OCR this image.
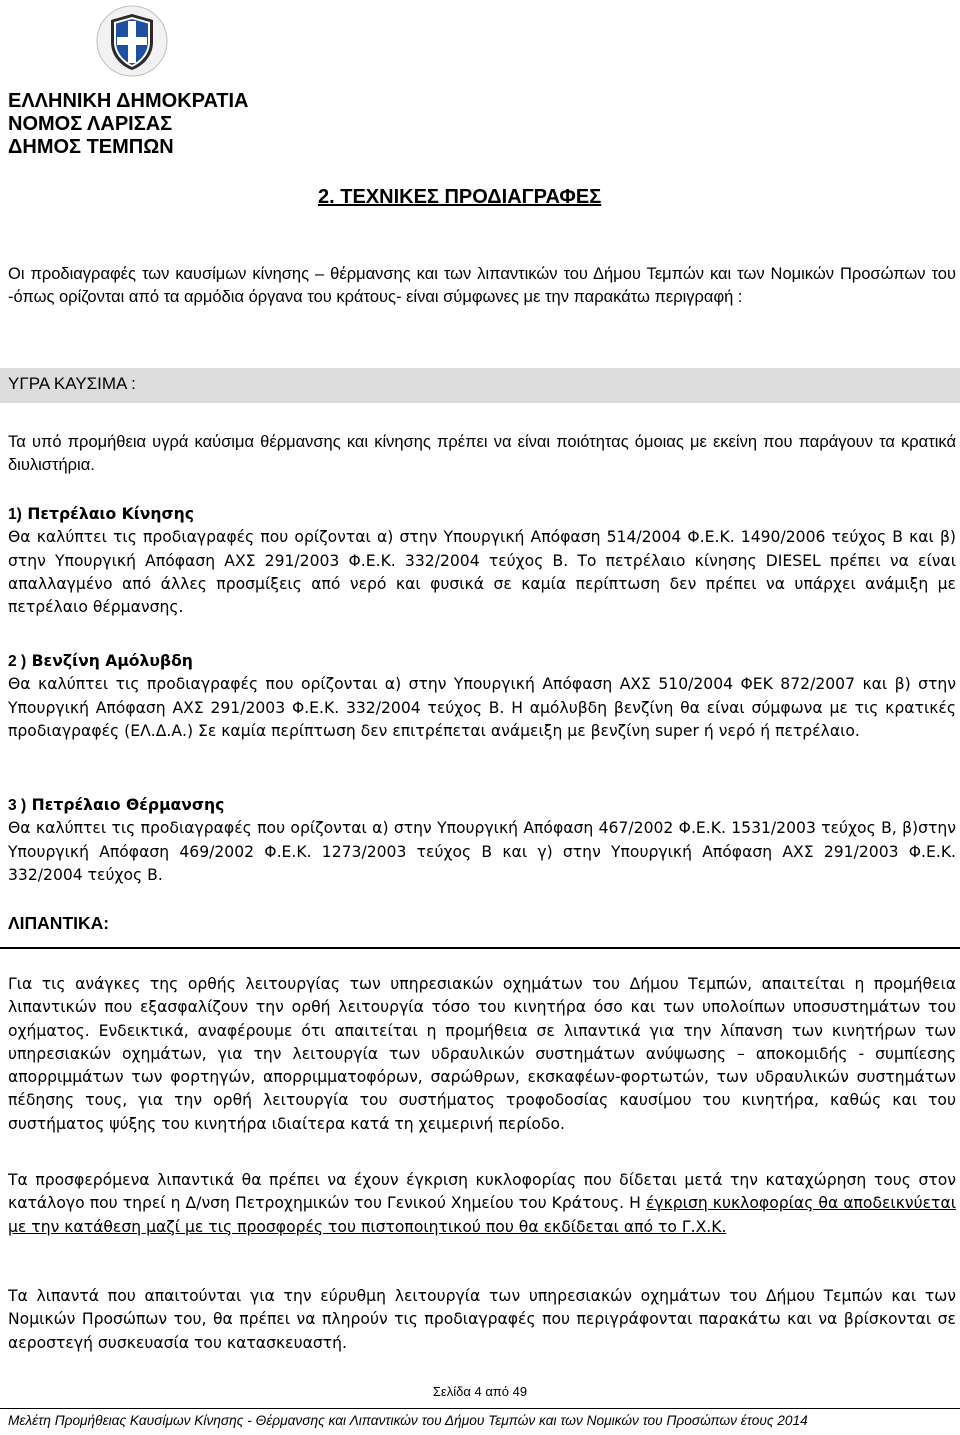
ΕΛΛΗΝΙΚΗ ΔΗΜΟΚΡΑΤΙΑ
ΝΟΜΟΣ ΛΑΡΙΣΑΣ
ΔΗΜΟΣ ΤΕΜΠΩΝ
2. ΤΕΧΝΙΚΕΣ ΠΡΟΔΙΑΓΡΑΦΕΣ
Οι προδιαγραφές των καυσίμων κίνησης – θέρμανσης και των λιπαντικών του Δήμου Τεμπών και των Νομικών Προσώπων του -όπως ορίζονται από τα αρμόδια όργανα του κράτους- είναι σύμφωνες με την παρακάτω περιγραφή :
ΥΓΡΑ ΚΑΥΣΙΜΑ :
Τα υπό προμήθεια υγρά καύσιμα θέρμανσης και κίνησης πρέπει να είναι ποιότητας όμοιας με εκείνη που παράγουν τα κρατικά διυλιστήρια.
1) Πετρέλαιο Κίνησης
Θα καλύπτει τις προδιαγραφές που ορίζονται α) στην Υπουργική Απόφαση 514/2004 Φ.Ε.Κ. 1490/2006 τεύχος Β και β) στην Υπουργική Απόφαση ΑΧΣ 291/2003 Φ.Ε.Κ. 332/2004 τεύχος Β. Το πετρέλαιο κίνησης DIESEL πρέπει να είναι απαλλαγμένο από άλλες προσμίξεις από νερό και φυσικά σε καμία περίπτωση δεν πρέπει να υπάρχει ανάμιξη με πετρέλαιο θέρμανσης.
2 ) Βενζίνη Αμόλυβδη
Θα καλύπτει τις προδιαγραφές που ορίζονται α) στην Υπουργική Απόφαση ΑΧΣ 510/2004 ΦΕΚ 872/2007 και β) στην Υπουργική Απόφαση ΑΧΣ 291/2003 Φ.Ε.Κ. 332/2004 τεύχος Β. Η αμόλυβδη βενζίνη θα είναι σύμφωνα με τις κρατικές προδιαγραφές (ΕΛ.Δ.Α.) Σε καμία περίπτωση δεν επιτρέπεται ανάμειξη με βενζίνη super ή νερό ή πετρέλαιο.
3 ) Πετρέλαιο Θέρμανσης
Θα καλύπτει τις προδιαγραφές που ορίζονται α) στην Υπουργική Απόφαση 467/2002 Φ.Ε.Κ. 1531/2003 τεύχος Β, β)στην Υπουργική Απόφαση 469/2002 Φ.Ε.Κ. 1273/2003 τεύχος Β και γ) στην Υπουργική Απόφαση ΑΧΣ 291/2003 Φ.Ε.Κ. 332/2004 τεύχος Β.
ΛΙΠΑΝΤΙΚΑ:
Για τις ανάγκες της ορθής λειτουργίας των υπηρεσιακών οχημάτων του Δήμου Τεμπών, απαιτείται η προμήθεια λιπαντικών που εξασφαλίζουν την ορθή λειτουργία τόσο του κινητήρα όσο και των υπολοίπων υποσυστημάτων του οχήματος. Ενδεικτικά, αναφέρουμε ότι απαιτείται η προμήθεια σε λιπαντικά για την λίπανση των κινητήρων των υπηρεσιακών οχημάτων, για την λειτουργία των υδραυλικών συστημάτων ανύψωσης – αποκομιδής - συμπίεσης απορριμμάτων των φορτηγών, απορριμματοφόρων, σαρώθρων, εκσκαφέων-φορτωτών, των υδραυλικών συστημάτων πέδησης τους, για την ορθή λειτουργία του συστήματος τροφοδοσίας καυσίμου του κινητήρα, καθώς και του συστήματος ψύξης του κινητήρα ιδιαίτερα κατά τη χειμερινή περίοδο.
Τα προσφερόμενα λιπαντικά θα πρέπει να έχουν έγκριση κυκλοφορίας που δίδεται μετά την καταχώρηση τους στον κατάλογο που τηρεί η Δ/νση Πετροχημικών του Γενικού Χημείου του Κράτους. Η έγκριση κυκλοφορίας θα αποδεικνύεται με την κατάθεση μαζί με τις προσφορές του πιστοποιητικού που θα εκδίδεται από το Γ.Χ.Κ.
Τα λιπαντά που απαιτούνται για την εύρυθμη λειτουργία των υπηρεσιακών οχημάτων του Δήμου Τεμπών και των Νομικών Προσώπων του, θα πρέπει να πληρούν τις προδιαγραφές που περιγράφονται παρακάτω και να βρίσκονται σε αεροστεγή συσκευασία του κατασκευαστή.
Σελίδα 4 από 49
Μελέτη Προμήθειας Καυσίμων Κίνησης - Θέρμανσης και Λιπαντικών του Δήμου Τεμπών και των Νομικών του Προσώπων έτους 2014
